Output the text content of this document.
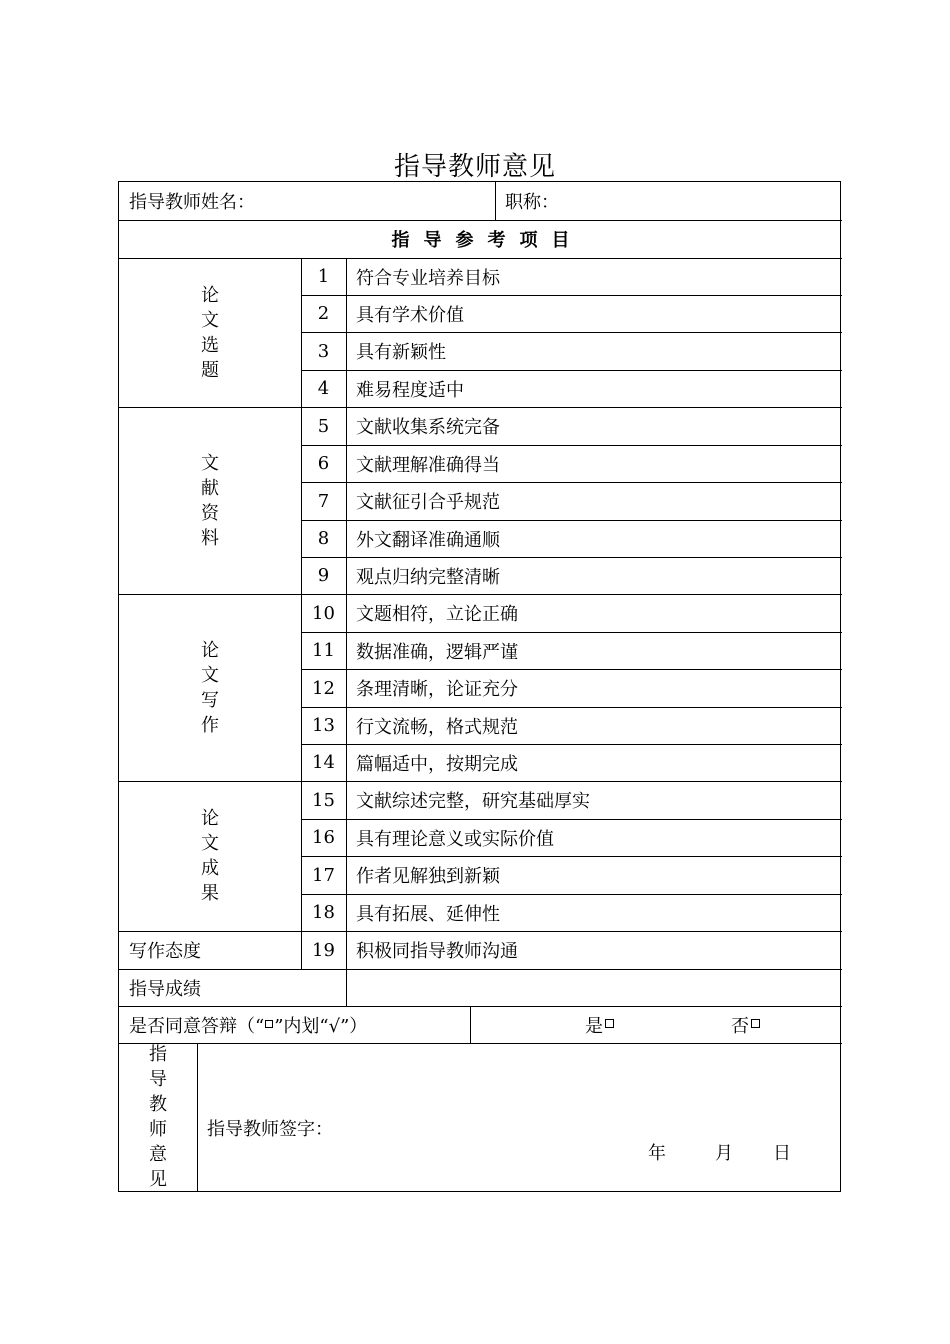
指导教师意见
指导教师姓名：	职称：
指导参考项目
论
文
选
题
1	符合专业培养目标
2	具有学术价值
3	具有新颖性
4	难易程度适中
文
献
资
料
5	文献收集系统完备
6	文献理解准确得当
7	文献征引合乎规范
8	外文翻译准确通顺
9	观点归纳完整清晰
论
文
写
作
10	文题相符，立论正确
11	数据准确，逻辑严谨
12	条理清晰，论证充分
13	行文流畅，格式规范
14	篇幅适中，按期完成
论
文
成
果
15	文献综述完整，研究基础厚实
16	具有理论意义或实际价值
17	作者见解独到新颖
18	具有拓展、延伸性
写作态度	19	积极同指导教师沟通
指导成绩
是否同意答辩（“ ”内划“√”）	是	否
指
导
教
师
意
见
指导教师签字：
年	月	日
